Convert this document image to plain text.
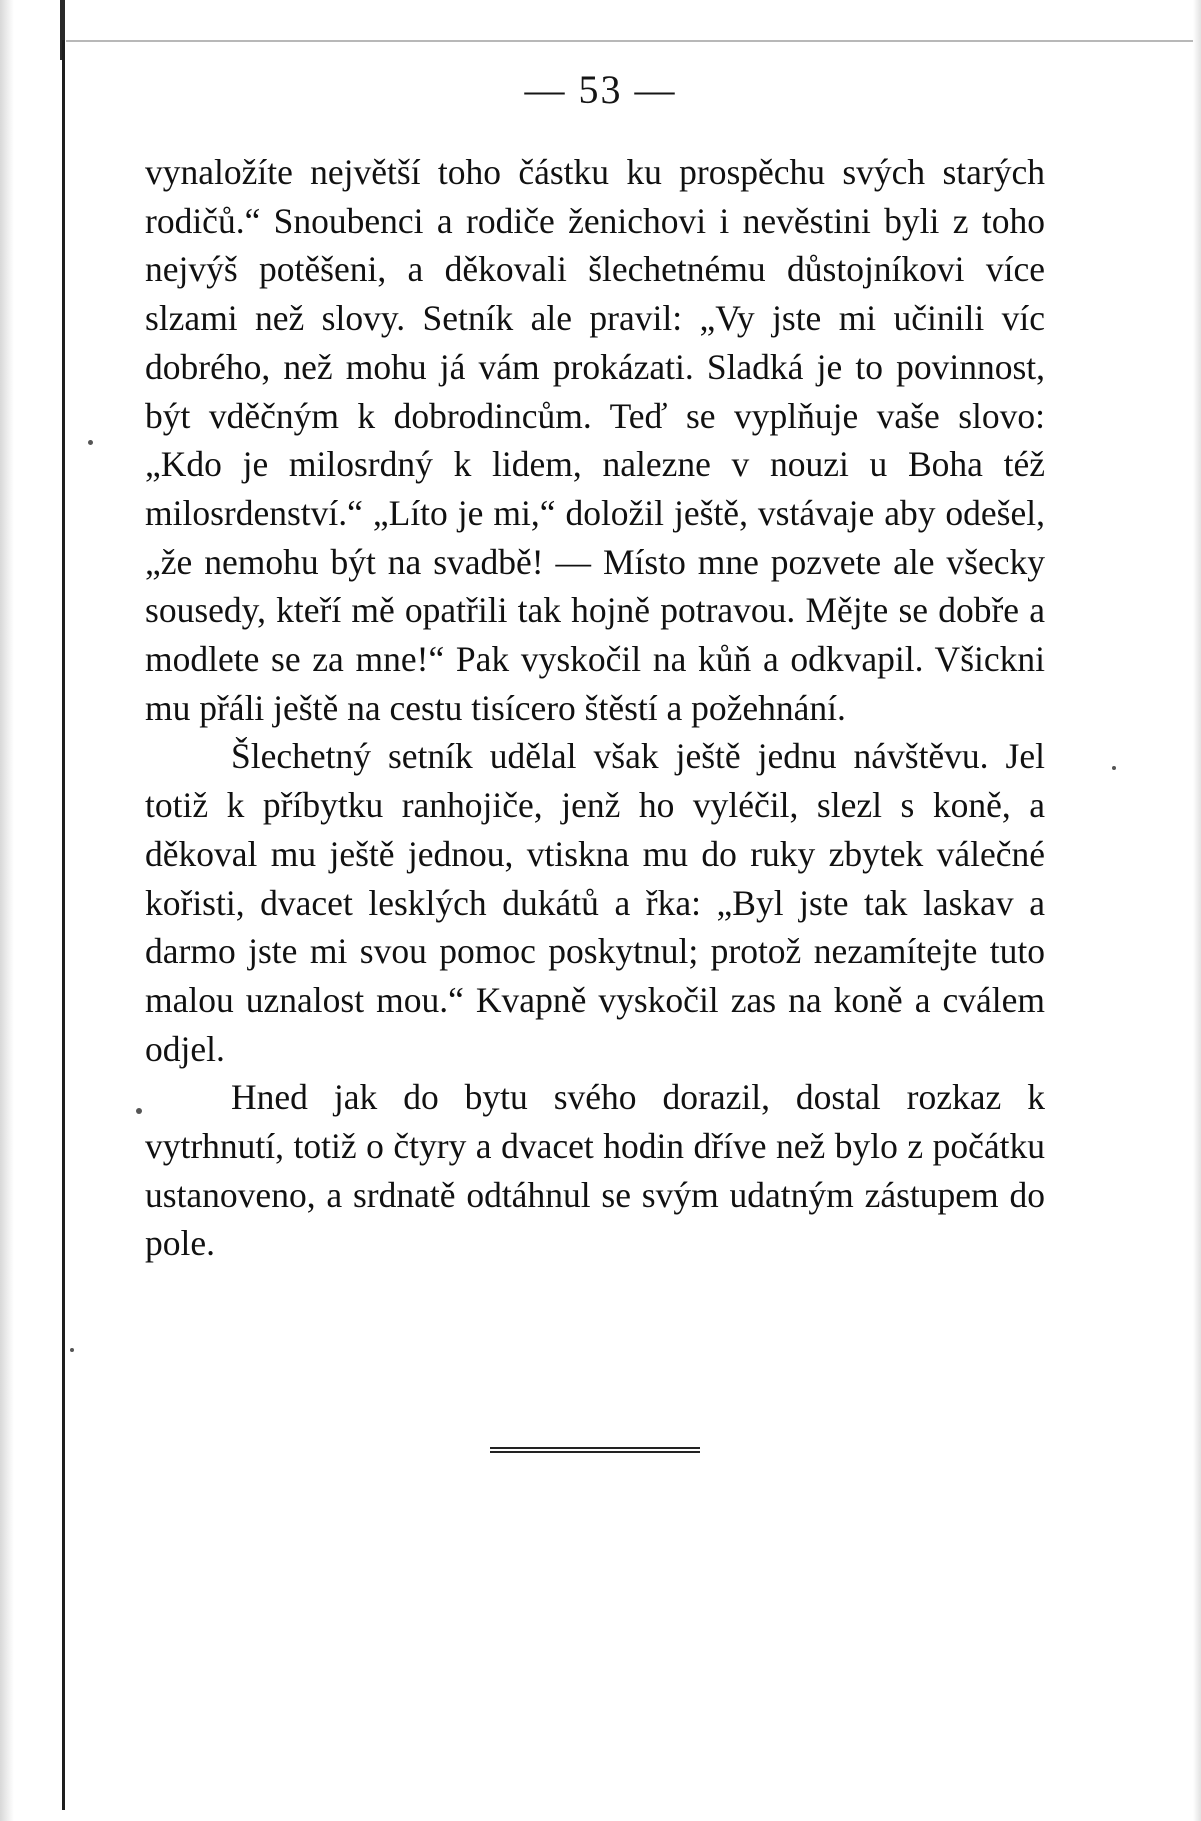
— 53 —

vynaložíte největší toho částku ku prospěchu svých starých rodičů.“ Snoubenci a rodiče ženichovi i nevěstini byli z toho nejvýš potěšeni, a děkovali šlechetnému důstojníkovi více slzami než slovy. Setník ale pravil: „Vy jste mi učinili víc dobrého, než mohu já vám prokázati. Sladká je to povinnost, být vděčným k dobrodincům. Teď se vyplňuje vaše slovo: „Kdo je milosrdný k lidem, nalezne v nouzi u Boha též milosrdenství.“ „Líto je mi,“ doložil ještě, vstávaje aby odešel, „že nemohu být na svadbě! — Místo mne pozvete ale všecky sousedy, kteří mě opatřili tak hojně potravou. Mějte se dobře a modlete se za mne!“ Pak vyskočil na kůň a odkvapil. Všickni mu přáli ještě na cestu tisícero štěstí a požehnání.

Šlechetný setník udělal však ještě jednu návštěvu. Jel totiž k příbytku ranhojiče, jenž ho vyléčil, slezl s koně, a děkoval mu ještě jednou, vtiskna mu do ruky zbytek válečné kořisti, dvacet lesklých dukátů a řka: „Byl jste tak laskav a darmo jste mi svou pomoc poskytnul; protož nezamítejte tuto malou uznalost mou.“ Kvapně vyskočil zas na koně a cválem odjel.

Hned jak do bytu svého dorazil, dostal rozkaz k vytrhnutí, totiž o čtyry a dvacet hodin dříve než bylo z počátku ustanoveno, a srdnatě odtáhnul se svým udatným zástupem do pole.
